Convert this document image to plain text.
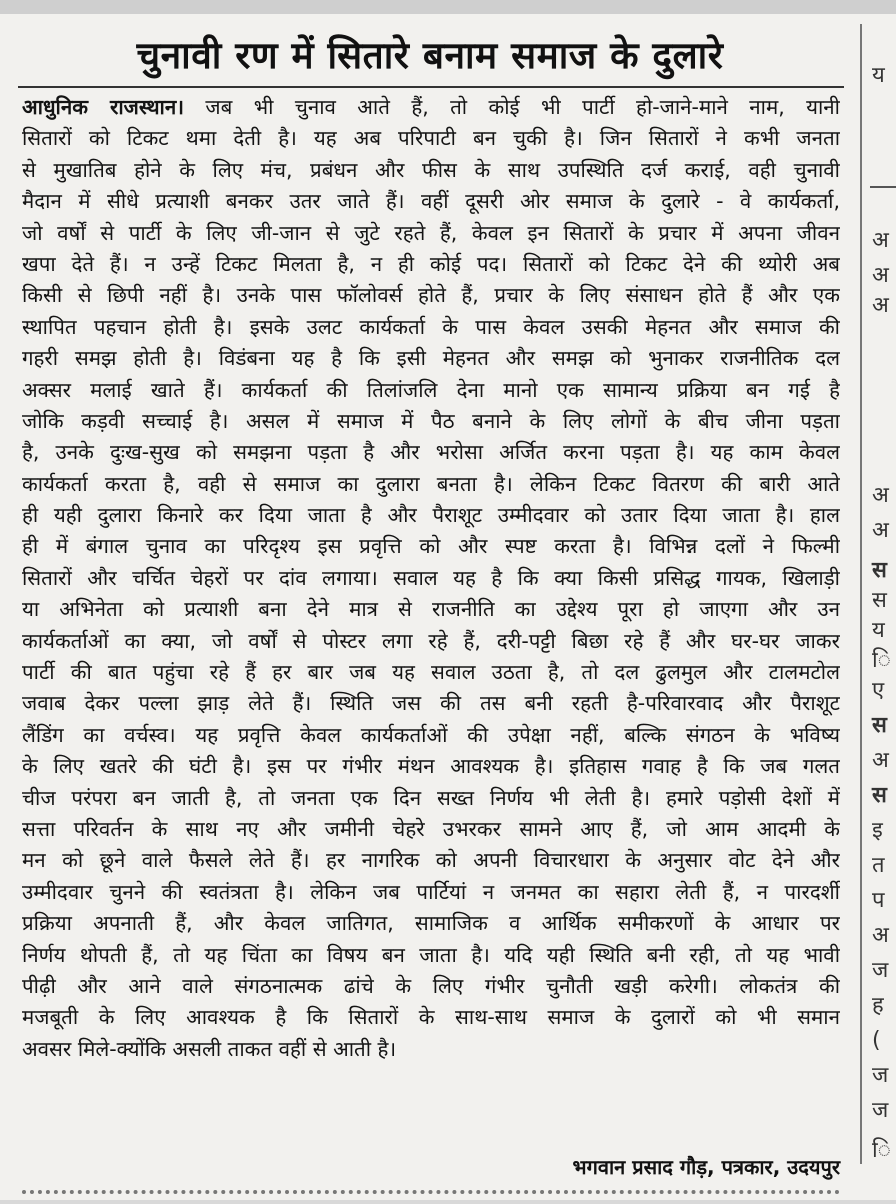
चुनावी रण में सितारे बनाम समाज के दुलारे
आधुनिक राजस्थान। जब भी चुनाव आते हैं, तो कोई भी पार्टी हो-जाने-माने नाम, यानी
सितारों को टिकट थमा देती है। यह अब परिपाटी बन चुकी है। जिन सितारों ने कभी जनता
से मुखातिब होने के लिए मंच, प्रबंधन और फीस के साथ उपस्थिति दर्ज कराई, वही चुनावी
मैदान में सीधे प्रत्याशी बनकर उतर जाते हैं। वहीं दूसरी ओर समाज के दुलारे - वे कार्यकर्ता,
जो वर्षों से पार्टी के लिए जी-जान से जुटे रहते हैं, केवल इन सितारों के प्रचार में अपना जीवन
खपा देते हैं। न उन्हें टिकट मिलता है, न ही कोई पद। सितारों को टिकट देने की थ्योरी अब
किसी से छिपी नहीं है। उनके पास फॉलोवर्स होते हैं, प्रचार के लिए संसाधन होते हैं और एक
स्थापित पहचान होती है। इसके उलट कार्यकर्ता के पास केवल उसकी मेहनत और समाज की
गहरी समझ होती है। विडंबना यह है कि इसी मेहनत और समझ को भुनाकर राजनीतिक दल
अक्सर मलाई खाते हैं। कार्यकर्ता की तिलांजलि देना मानो एक सामान्य प्रक्रिया बन गई है
जोकि कड़वी सच्चाई है। असल में समाज में पैठ बनाने के लिए लोगों के बीच जीना पड़ता
है, उनके दुःख-सुख को समझना पड़ता है और भरोसा अर्जित करना पड़ता है। यह काम केवल
कार्यकर्ता करता है, वही से समाज का दुलारा बनता है। लेकिन टिकट वितरण की बारी आते
ही यही दुलारा किनारे कर दिया जाता है और पैराशूट उम्मीदवार को उतार दिया जाता है। हाल
ही में बंगाल चुनाव का परिदृश्य इस प्रवृत्ति को और स्पष्ट करता है। विभिन्न दलों ने फिल्मी
सितारों और चर्चित चेहरों पर दांव लगाया। सवाल यह है कि क्या किसी प्रसिद्ध गायक, खिलाड़ी
या अभिनेता को प्रत्याशी बना देने मात्र से राजनीति का उद्देश्य पूरा हो जाएगा और उन
कार्यकर्ताओं का क्या, जो वर्षों से पोस्टर लगा रहे हैं, दरी-पट्टी बिछा रहे हैं और घर-घर जाकर
पार्टी की बात पहुंचा रहे हैं हर बार जब यह सवाल उठता है, तो दल ढुलमुल और टालमटोल
जवाब देकर पल्ला झाड़ लेते हैं। स्थिति जस की तस बनी रहती है-परिवारवाद और पैराशूट
लैंडिंग का वर्चस्व। यह प्रवृत्ति केवल कार्यकर्ताओं की उपेक्षा नहीं, बल्कि संगठन के भविष्य
के लिए खतरे की घंटी है। इस पर गंभीर मंथन आवश्यक है। इतिहास गवाह है कि जब गलत
चीज परंपरा बन जाती है, तो जनता एक दिन सख्त निर्णय भी लेती है। हमारे पड़ोसी देशों में
सत्ता परिवर्तन के साथ नए और जमीनी चेहरे उभरकर सामने आए हैं, जो आम आदमी के
मन को छूने वाले फैसले लेते हैं। हर नागरिक को अपनी विचारधारा के अनुसार वोट देने और
उम्मीदवार चुनने की स्वतंत्रता है। लेकिन जब पार्टियां न जनमत का सहारा लेती हैं, न पारदर्शी
प्रक्रिया अपनाती हैं, और केवल जातिगत, सामाजिक व आर्थिक समीकरणों के आधार पर
निर्णय थोपती हैं, तो यह चिंता का विषय बन जाता है। यदि यही स्थिति बनी रही, तो यह भावी
पीढ़ी और आने वाले संगठनात्मक ढांचे के लिए गंभीर चुनौती खड़ी करेगी। लोकतंत्र की
मजबूती के लिए आवश्यक है कि सितारों के साथ-साथ समाज के दुलारों को भी समान
अवसर मिले-क्योंकि असली ताकत वहीं से आती है।
भगवान प्रसाद गौड़, पत्रकार, उदयपुर
य
अ
अ
अ
अ
अ
स
स
य
ि
ए
स
अ
स
इ
त
प
अ
ज
ह
(
ज
ज
ि
